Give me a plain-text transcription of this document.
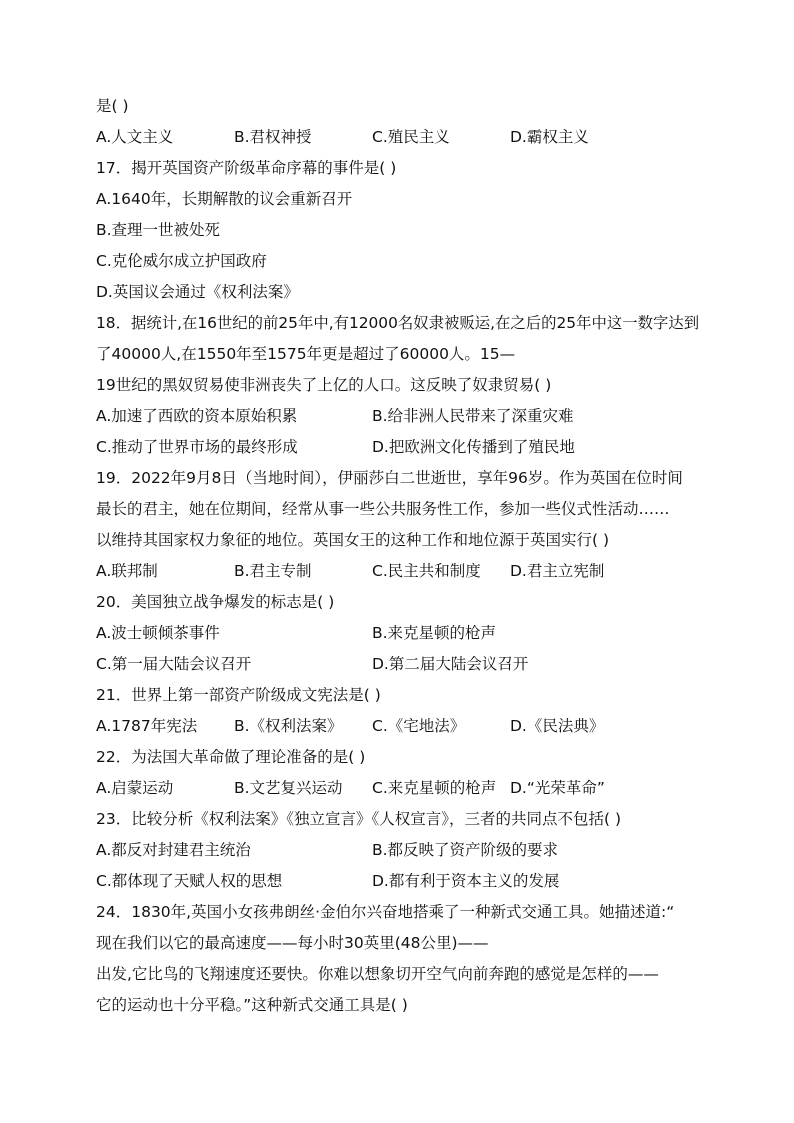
是( )
A.人文主义	B.君权神授	C.殖民主义	D.霸权主义
17．揭开英国资产阶级革命序幕的事件是( )
A.1640年，长期解散的议会重新召开
B.查理一世被处死
C.克伦威尔成立护国政府
D.英国议会通过《权利法案》
18．据统计,在16世纪的前25年中,有12000名奴隶被贩运,在之后的25年中这一数字达到
了40000人,在1550年至1575年更是超过了60000人。15—
19世纪的黑奴贸易使非洲丧失了上亿的人口。这反映了奴隶贸易( )
A.加速了西欧的资本原始积累	B.给非洲人民带来了深重灾难
C.推动了世界市场的最终形成	D.把欧洲文化传播到了殖民地
19．2022年9月8日（当地时间），伊丽莎白二世逝世，享年96岁。作为英国在位时间
最长的君主，她在位期间，经常从事一些公共服务性工作，参加一些仪式性活动……
以维持其国家权力象征的地位。英国女王的这种工作和地位源于英国实行( )
A.联邦制	B.君主专制	C.民主共和制度 D.君主立宪制
20．美国独立战争爆发的标志是( )
A.波士顿倾茶事件	B.来克星顿的枪声
C.第一届大陆会议召开	D.第二届大陆会议召开
21．世界上第一部资产阶级成文宪法是( )
A.1787年宪法 B.《权利法案》 C.《宅地法》	D.《民法典》
22．为法国大革命做了理论准备的是( )
A.启蒙运动	B.文艺复兴运动 C.来克星顿的枪声 D.“光荣革命”
23．比较分析《权利法案》《独立宣言》《人权宣言》，三者的共同点不包括( )
A.都反对封建君主统治	B.都反映了资产阶级的要求
C.都体现了天赋人权的思想	D.都有利于资本主义的发展
24．1830年,英国小女孩弗朗丝·金伯尔兴奋地搭乘了一种新式交通工具。她描述道:“
现在我们以它的最高速度——每小时30英里(48公里)——
出发,它比鸟的飞翔速度还要快。你难以想象切开空气向前奔跑的感觉是怎样的——
它的运动也十分平稳。”这种新式交通工具是( )
